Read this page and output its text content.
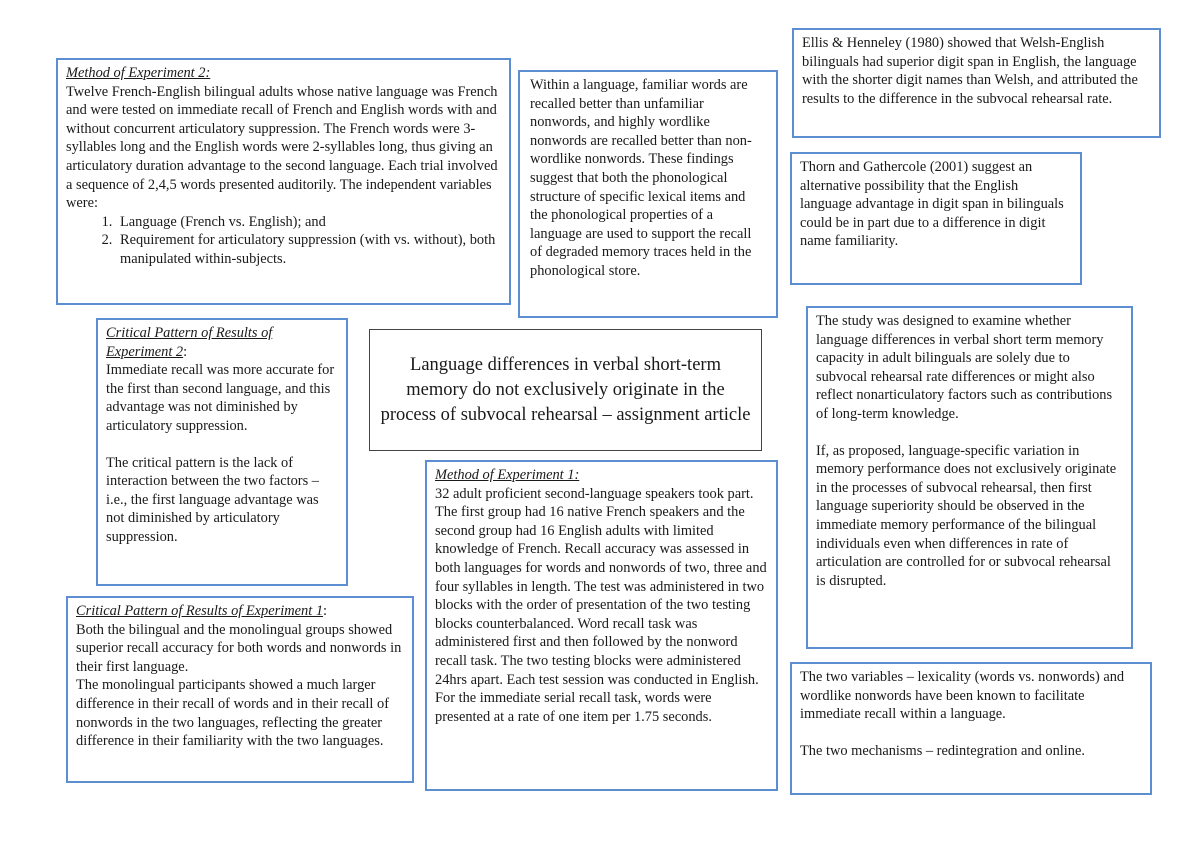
Method of Experiment 2:

Twelve French-English bilingual adults whose native language was French and were tested on immediate recall of French and English words with and without concurrent articulatory suppression. The French words were 3-syllables long and the English words were 2-syllables long, thus giving an articulatory duration advantage to the second language. Each trial involved a sequence of 2,4,5 words presented auditorily. The independent variables were:

1. Language (French vs. English); and
2. Requirement for articulatory suppression (with vs. without), both manipulated within-subjects.

Within a language, familiar words are recalled better than unfamiliar nonwords, and highly wordlike nonwords are recalled better than non-wordlike nonwords. These findings suggest that both the phonological structure of specific lexical items and the phonological properties of a language are used to support the recall of degraded memory traces held in the phonological store.

Ellis & Henneley (1980) showed that Welsh-English bilinguals had superior digit span in English, the language with the shorter digit names than Welsh, and attributed the results to the difference in the subvocal rehearsal rate.

Thorn and Gathercole (2001) suggest an alternative possibility that the English language advantage in digit span in bilinguals could be in part due to a difference in digit name familiarity.

Critical Pattern of Results of Experiment 2:

Immediate recall was more accurate for the first than second language, and this advantage was not diminished by articulatory suppression.

The critical pattern is the lack of interaction between the two factors – i.e., the first language advantage was not diminished by articulatory suppression.

Language differences in verbal short-term memory do not exclusively originate in the process of subvocal rehearsal – assignment article

The study was designed to examine whether language differences in verbal short term memory capacity in adult bilinguals are solely due to subvocal rehearsal rate differences or might also reflect nonarticulatory factors such as contributions of long-term knowledge.

If, as proposed, language-specific variation in memory performance does not exclusively originate in the processes of subvocal rehearsal, then first language superiority should be observed in the immediate memory performance of the bilingual individuals even when differences in rate of articulation are controlled for or subvocal rehearsal is disrupted.

Method of Experiment 1:

32 adult proficient second-language speakers took part. The first group had 16 native French speakers and the second group had 16 English adults with limited knowledge of French. Recall accuracy was assessed in both languages for words and nonwords of two, three and four syllables in length. The test was administered in two blocks with the order of presentation of the two testing blocks counterbalanced. Word recall task was administered first and then followed by the nonword recall task. The two testing blocks were administered 24hrs apart. Each test session was conducted in English. For the immediate serial recall task, words were presented at a rate of one item per 1.75 seconds.

Critical Pattern of Results of Experiment 1:

Both the bilingual and the monolingual groups showed superior recall accuracy for both words and nonwords in their first language.

The monolingual participants showed a much larger difference in their recall of words and in their recall of nonwords in the two languages, reflecting the greater difference in their familiarity with the two languages.

The two variables – lexicality (words vs. nonwords) and wordlike nonwords have been known to facilitate immediate recall within a language.

The two mechanisms – redintegration and online.
